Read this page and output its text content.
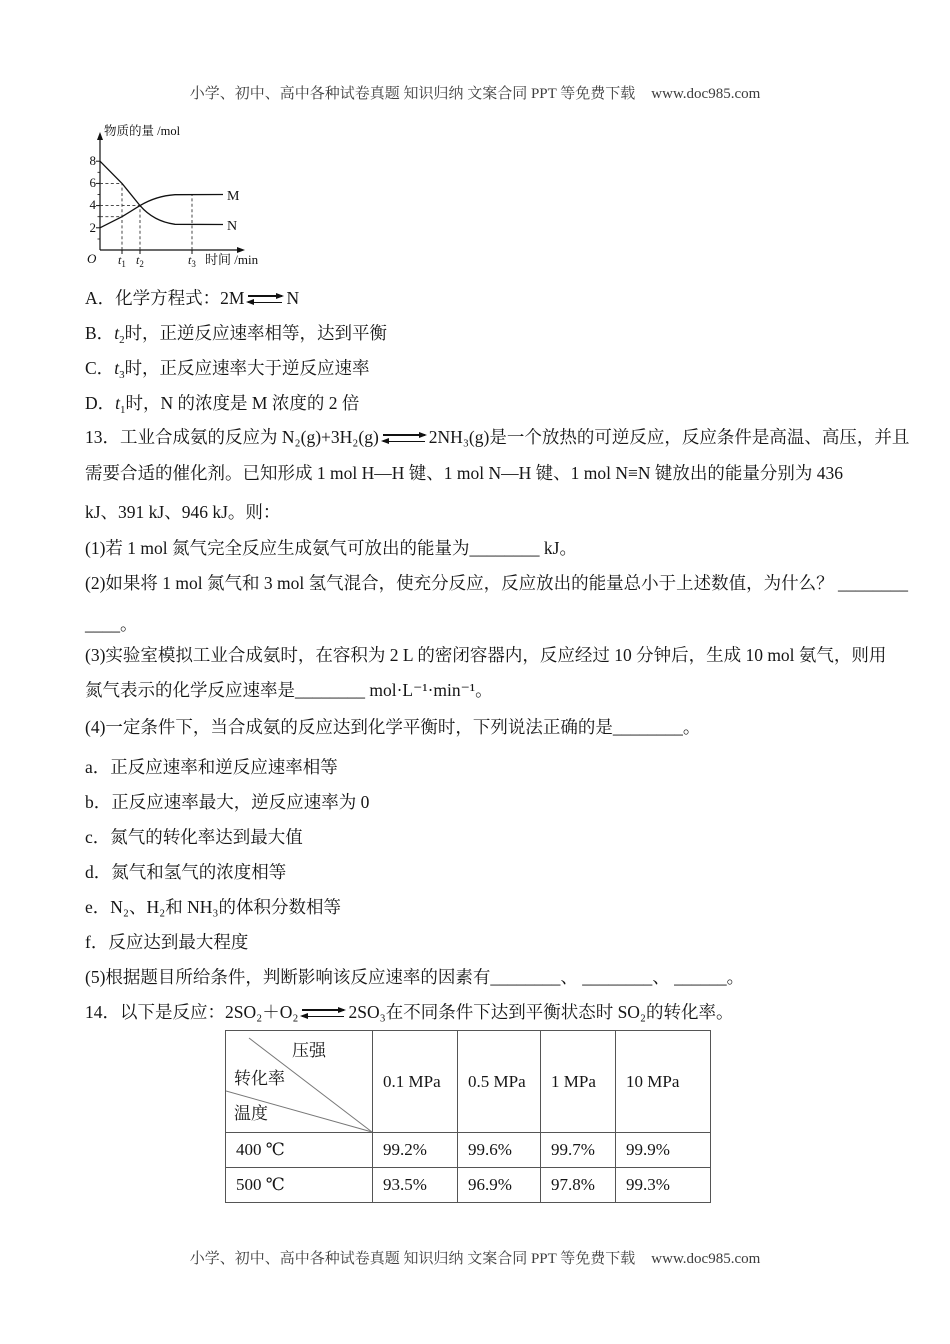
小学、初中、高中各种试卷真题 知识归纳 文案合同 PPT 等免费下载 www.doc985.com
物质的量 /mol
8
6
4
2
O $t_1$ $t_2$	$t_3$ 时间 /min
M
N
A．化学方程式：2M ⇌ N
B．$t_2$时，正逆反应速率相等，达到平衡
C．$t_3$时，正反应速率大于逆反应速率
D．$t_1$时，N 的浓度是 M 浓度的 2 倍
13．工业合成氨的反应为 N₂(g)+3H₂(g) ⇌ 2NH₃(g)是一个放热的可逆反应，反应条件是高温、高压，并且
需要合适的催化剂。已知形成 1 mol H—H 键、1 mol N—H 键、1 mol N≡N 键放出的能量分别为 436
kJ、391 kJ、946 kJ。则：
(1)若 1 mol 氮气完全反应生成氨气可放出的能量为________ kJ。
(2)如果将 1 mol 氮气和 3 mol 氢气混合，使充分反应，反应放出的能量总小于上述数值，为什么？ ________
____。
(3)实验室模拟工业合成氨时，在容积为 2 L 的密闭容器内，反应经过 10 分钟后，生成 10 mol 氨气，则用
氮气表示的化学反应速率是________ mol·L⁻¹·min⁻¹。
(4)一定条件下，当合成氨的反应达到化学平衡时，下列说法正确的是________。
a．正反应速率和逆反应速率相等
b．正反应速率最大，逆反应速率为 0
c．氮气的转化率达到最大值
d．氮气和氢气的浓度相等
e．N₂、H₂和 NH₃的体积分数相等
f．反应达到最大程度
(5)根据题目所给条件，判断影响该反应速率的因素有________、 ________、 ______。
14．以下是反应：2SO₂＋O₂ ⇌ 2SO₃在不同条件下达到平衡状态时 SO₂的转化率。
压强
转化率
温度	0.1 MPa	0.5 MPa	1 MPa	10 MPa
400 ℃	99.2%	99.6%	99.7%	99.9%
500 ℃	93.5%	96.9%	97.8%	99.3%
小学、初中、高中各种试卷真题 知识归纳 文案合同 PPT 等免费下载 www.doc985.com
